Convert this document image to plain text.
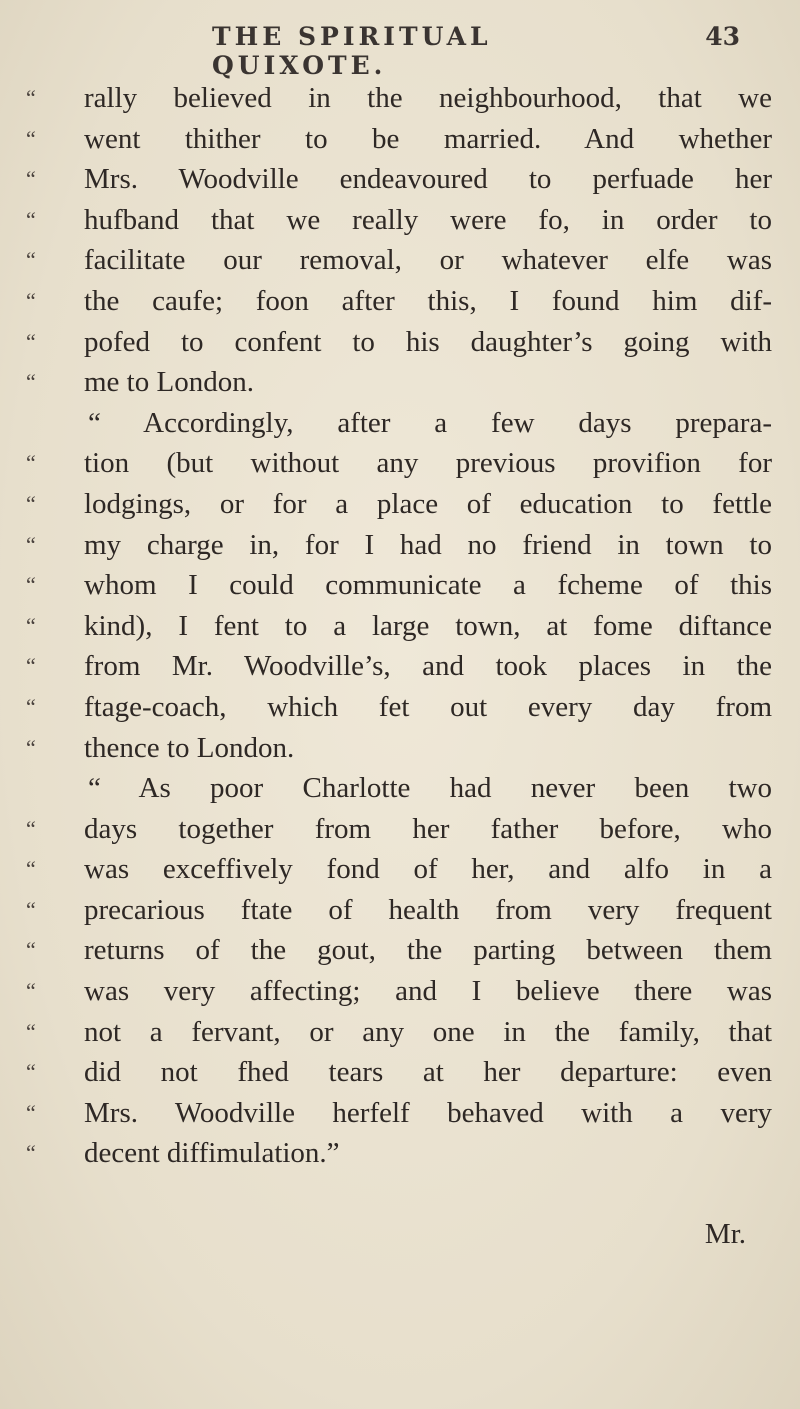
THE SPIRITUAL QUIXOTE.
43
“	rally believed in the neighbourhood, that we
“	went thither to be married. And whether
“	Mrs. Woodville endeavoured to perfuade her
“	hufband that we really were fo, in order to
“	facilitate our removal, or whatever elfe was
“	the caufe; foon after this, I found him dif-
“	pofed to confent to his daughter’s going with
“	me to London.
“ Accordingly, after a few days prepara-
“	tion (but without any previous provifion for
“	lodgings, or for a place of education to fettle
“	my charge in, for I had no friend in town to
“	whom I could communicate a fcheme of this
“	kind), I fent to a large town, at fome diftance
“	from Mr. Woodville’s, and took places in the
“	ftage-coach, which fet out every day from
“	thence to London.
“ As poor Charlotte had never been two
“	days together from her father before, who
“	was exceffively fond of her, and alfo in a
“	precarious ftate of health from very frequent
“	returns of the gout, the parting between them
“	was very affecting; and I believe there was
“	not a fervant, or any one in the family, that
“	did not fhed tears at her departure: even
“	Mrs. Woodville herfelf behaved with a very
“	decent diffimulation.”
Mr.
